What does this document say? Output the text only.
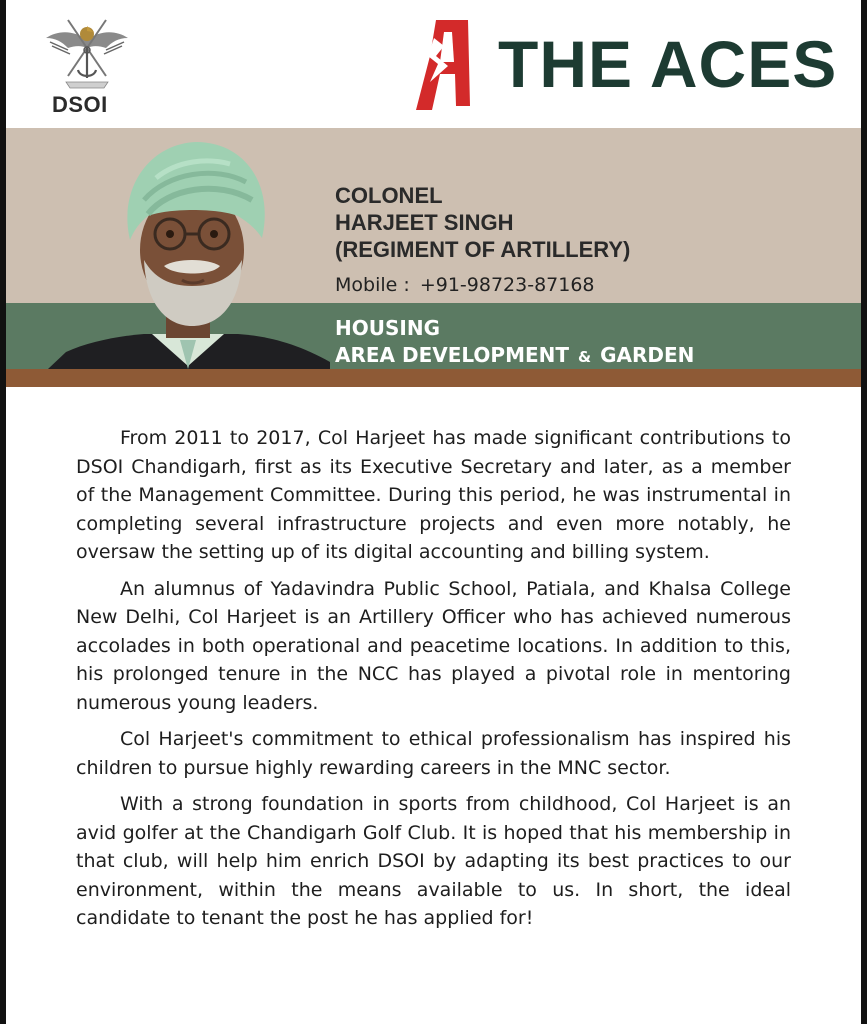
DSOI
THE ACES
COLONEL
HARJEET SINGH
(REGIMENT OF ARTILLERY)
Mobile : +91-98723-87168
HOUSING
AREA DEVELOPMENT & GARDEN

From 2011 to 2017, Col Harjeet has made significant contributions to DSOI Chandigarh, first as its Executive Secretary and later, as a member of the Management Committee. During this period, he was instrumental in completing several infrastructure projects and even more notably, he oversaw the setting up of its digital accounting and billing system.

An alumnus of Yadavindra Public School, Patiala, and Khalsa College New Delhi, Col Harjeet is an Artillery Officer who has achieved numerous accolades in both operational and peacetime locations. In addition to this, his prolonged tenure in the NCC has played a pivotal role in mentoring numerous young leaders.

Col Harjeet's commitment to ethical professionalism has inspired his children to pursue highly rewarding careers in the MNC sector.

With a strong foundation in sports from childhood, Col Harjeet is an avid golfer at the Chandigarh Golf Club. It is hoped that his membership in that club, will help him enrich DSOI by adapting its best practices to our environment, within the means available to us. In short, the ideal candidate to tenant the post he has applied for!
